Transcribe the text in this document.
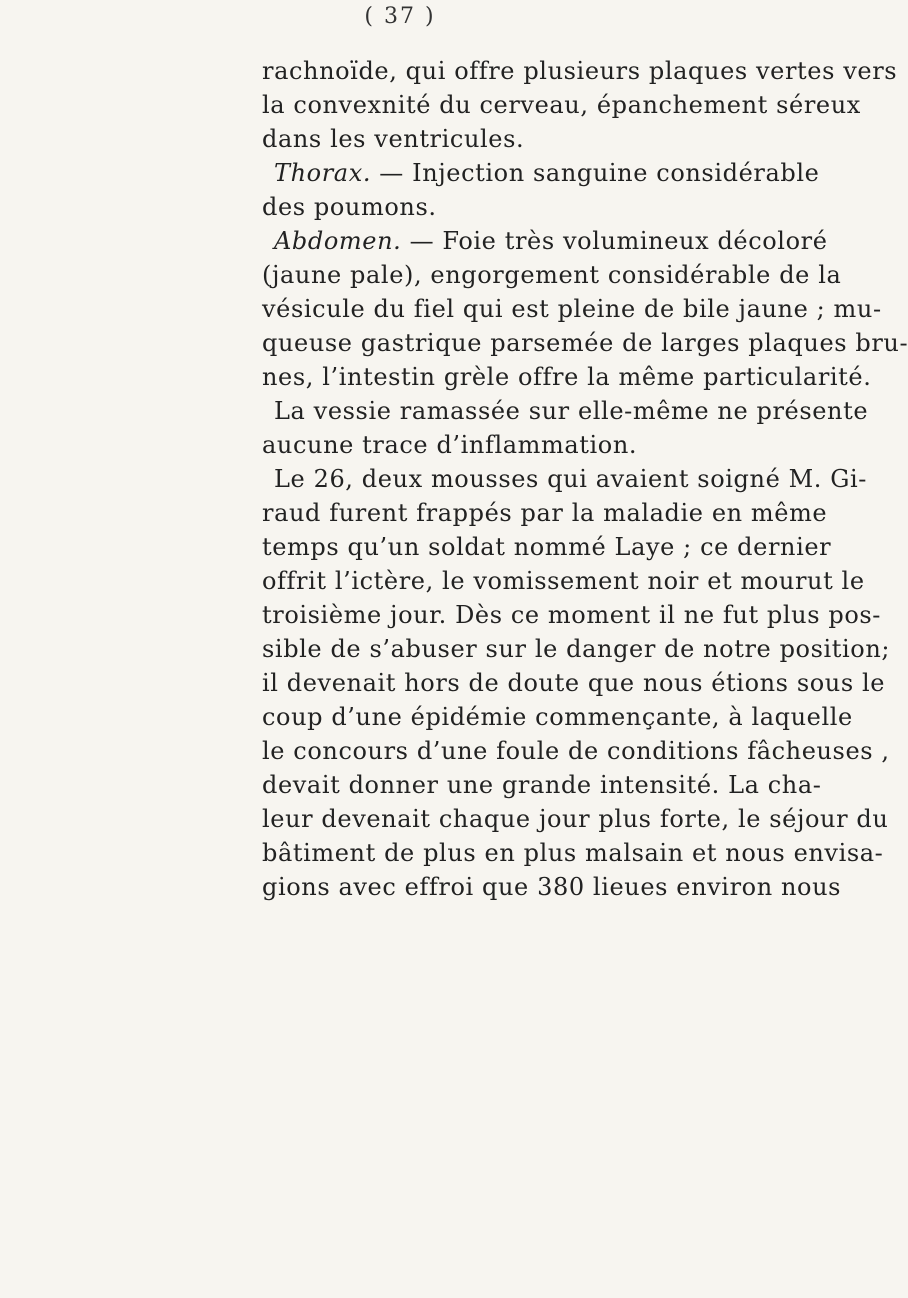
( 37 )
rachnoïde, qui offre plusieurs plaques vertes vers
la convexnité du cerveau, épanchement séreux
dans les ventricules.
Thorax. — Injection sanguine considérable
des poumons.
Abdomen. — Foie très volumineux décoloré
(jaune pale), engorgement considérable de la
vésicule du fiel qui est pleine de bile jaune ; mu-
queuse gastrique parsemée de larges plaques bru-
nes, l’intestin grèle offre la même particularité.
La vessie ramassée sur elle-même ne présente
aucune trace d’inflammation.
Le 26, deux mousses qui avaient soigné M. Gi-
raud furent frappés par la maladie en même
temps qu’un soldat nommé Laye ; ce dernier
offrit l’ictère, le vomissement noir et mourut le
troisième jour. Dès ce moment il ne fut plus pos-
sible de s’abuser sur le danger de notre position;
il devenait hors de doute que nous étions sous le
coup d’une épidémie commençante, à laquelle
le concours d’une foule de conditions fâcheuses ,
devait donner une grande intensité. La cha-
leur devenait chaque jour plus forte, le séjour du
bâtiment de plus en plus malsain et nous envisa-
gions avec effroi que 380 lieues environ nous
